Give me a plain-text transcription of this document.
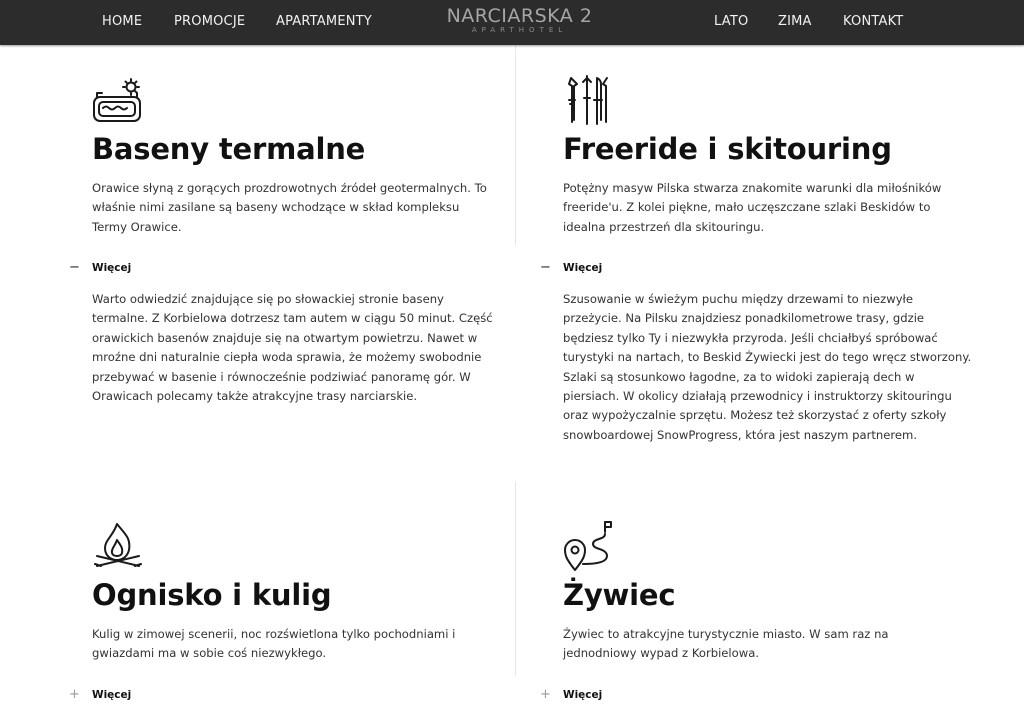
HOME PROMOCJE APARTAMENTY	NARCIARSKA 2
APARTHOTEL
LATO ZIMA KONTAKT
Baseny termalne

Orawice słyną z gorących prozdrowotnych źródeł geotermalnych. To właśnie nimi zasilane są baseny wchodzące w skład kompleksu Termy Orawice.

− Więcej

Warto odwiedzić znajdujące się po słowackiej stronie baseny termalne. Z Korbielowa dotrzesz tam autem w ciągu 50 minut. Część orawickich basenów znajduje się na otwartym powietrzu. Nawet w mroźne dni naturalnie ciepła woda sprawia, że możemy swobodnie przebywać w basenie i równocześnie podziwiać panoramę gór. W Orawicach polecamy także atrakcyjne trasy narciarskie.

Freeride i skitouring

Potężny masyw Pilska stwarza znakomite warunki dla miłośników freeride'u. Z kolei piękne, mało uczęszczane szlaki Beskidów to idealna przestrzeń dla skitouringu.

− Więcej

Szusowanie w świeżym puchu między drzewami to niezwyłe przeżycie. Na Pilsku znajdziesz ponadkilometrowe trasy, gdzie będziesz tylko Ty i niezwykła przyroda. Jeśli chciałbyś spróbować turystyki na nartach, to Beskid Żywiecki jest do tego wręcz stworzony. Szlaki są stosunkowo łagodne, za to widoki zapierają dech w piersiach. W okolicy działają przewodnicy i instruktorzy skitouringu oraz wypożyczalnie sprzętu. Możesz też skorzystać z oferty szkoły snowboardowej SnowProgress, która jest naszym partnerem.

Ognisko i kulig

Kulig w zimowej scenerii, noc rozświetlona tylko pochodniami i gwiazdami ma w sobie coś niezwykłego.

+ Więcej
Żywiec

Żywiec to atrakcyjne turystycznie miasto. W sam raz na jednodniowy wypad z Korbielowa.

+ Więcej
